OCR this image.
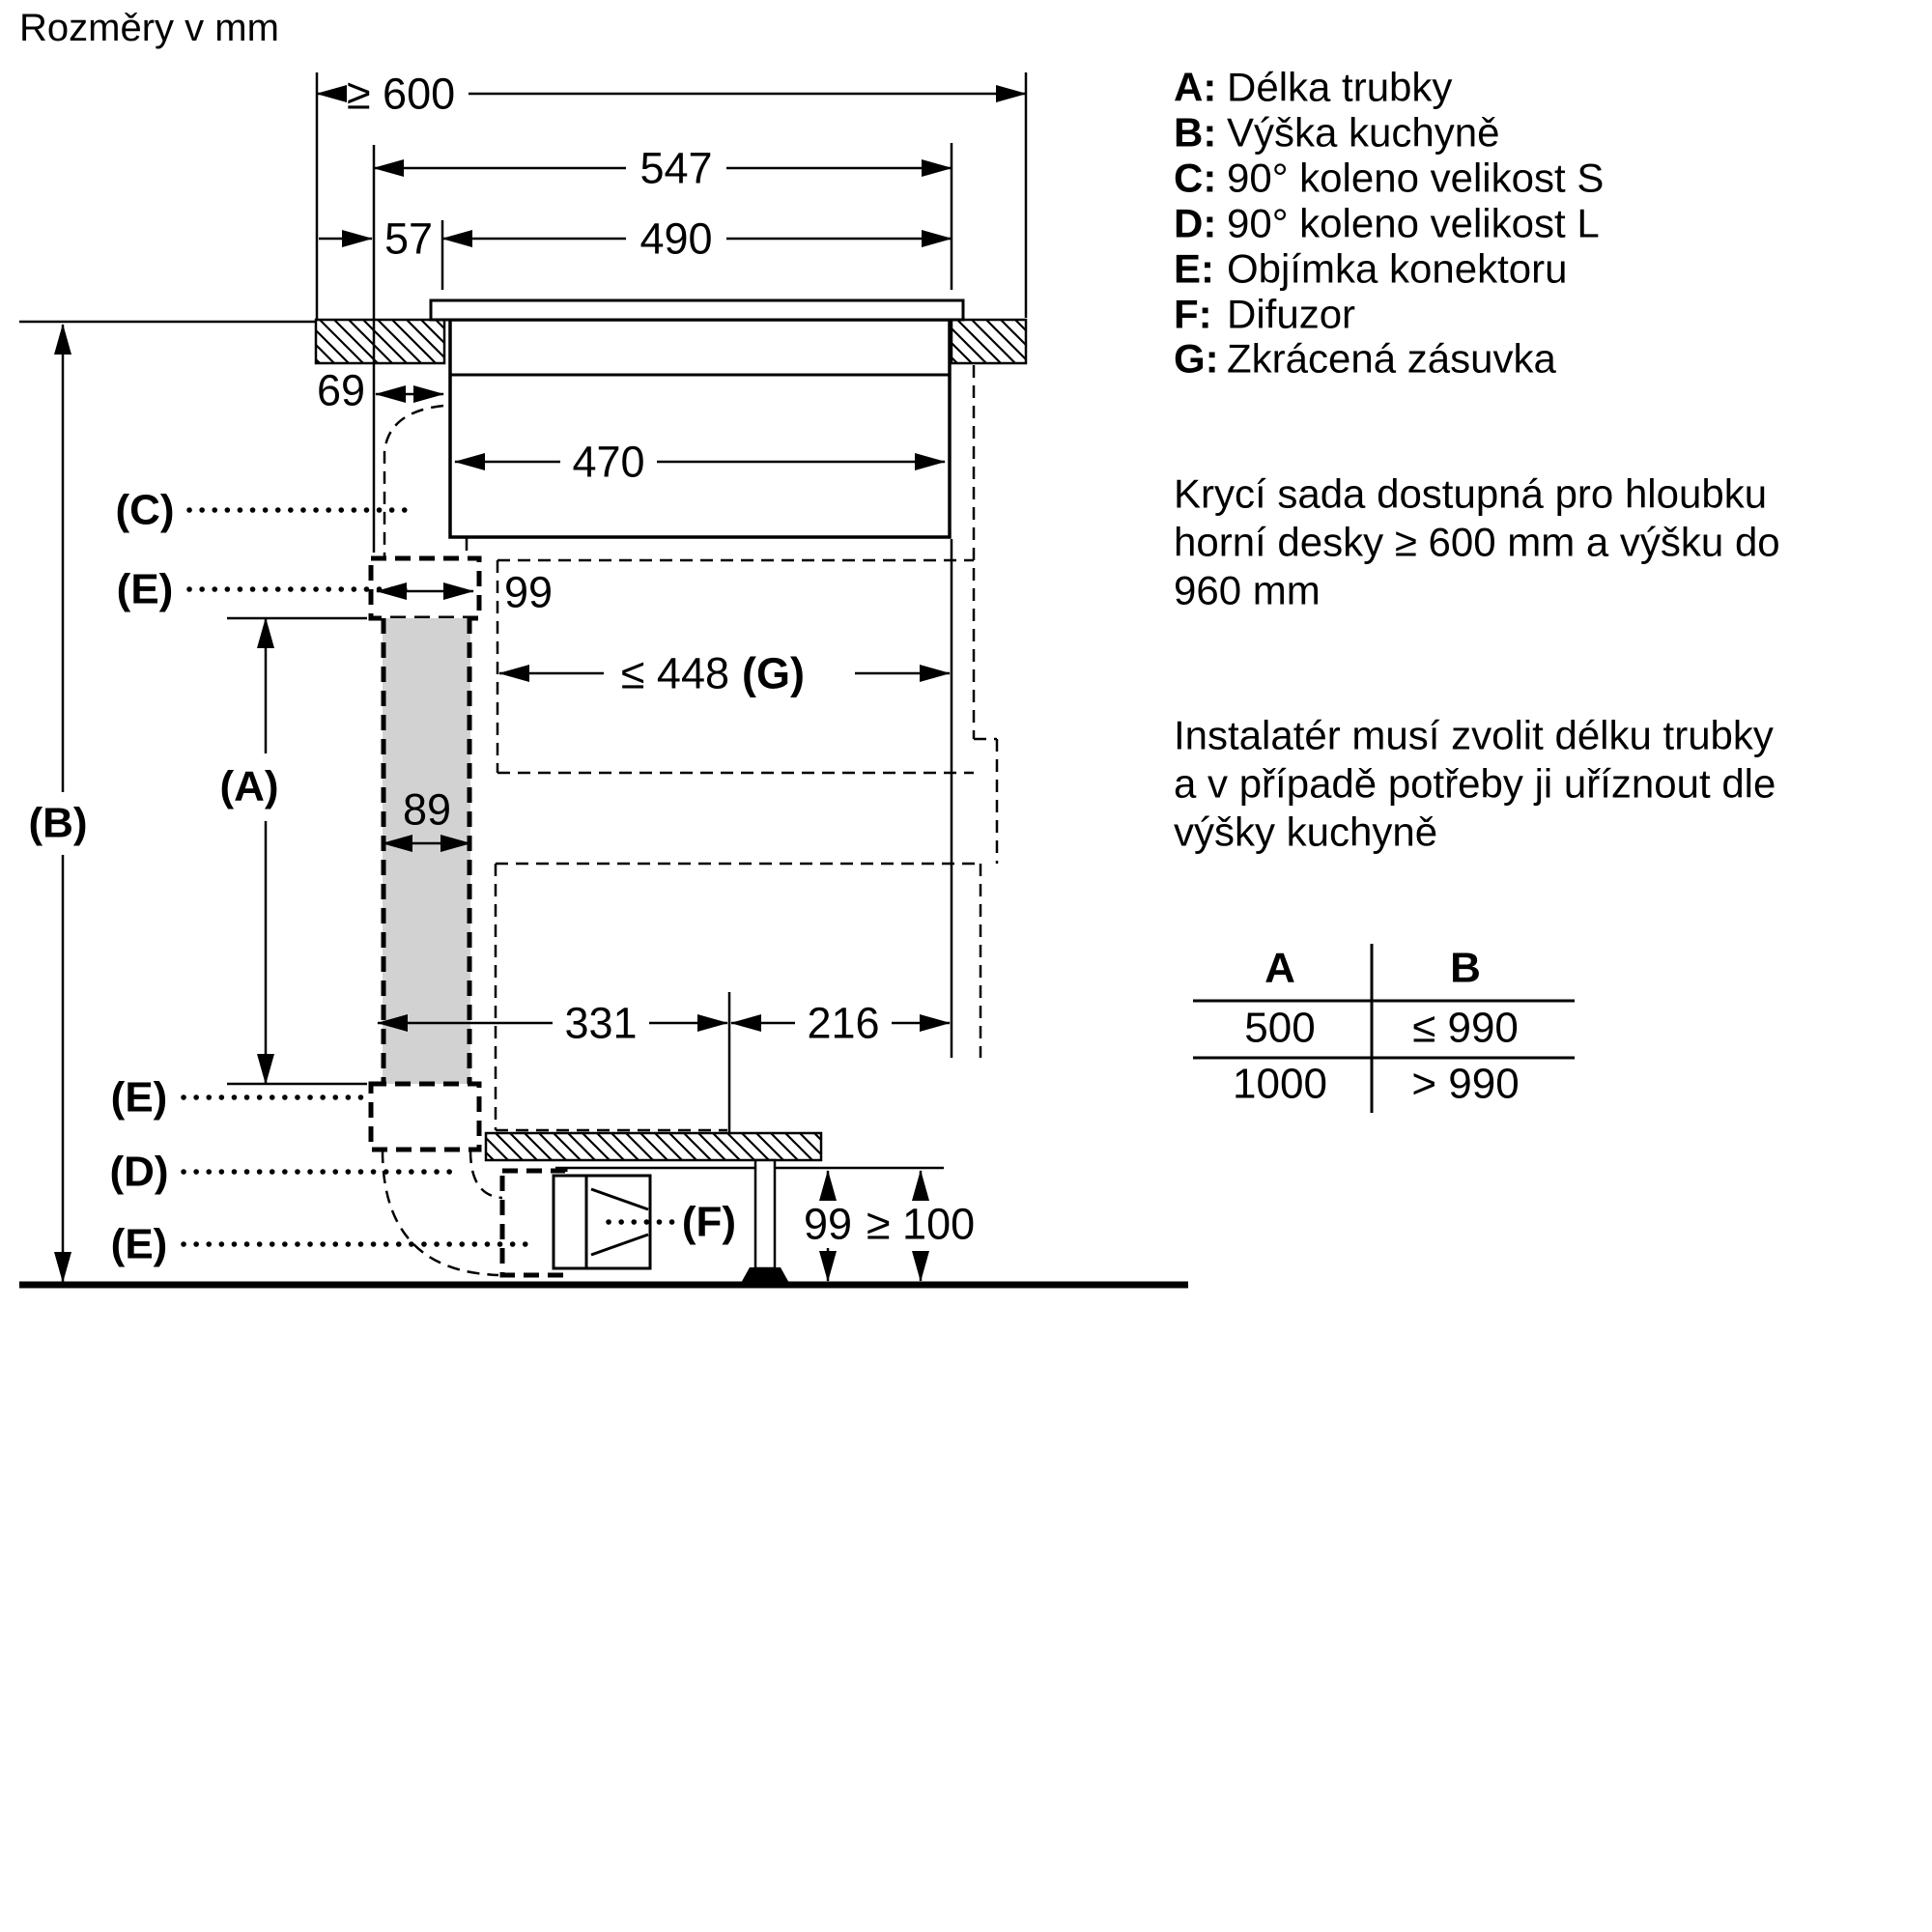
Rozměry v mm
≥ 600
547
57	490
69
470
99
≤ 448 (G)
89
(A)
(B)
331	216
99 ≥ 100
(C)
(E)
(E)
(D)
(E)	(F)
A: Délka trubky
B: Výška kuchyně
C: 90° koleno velikost S
D: 90° koleno velikost L
E: Objímka konektoru
F: Difuzor
G: Zkrácená zásuvka
Krycí sada dostupná pro hloubku
horní desky ≥ 600 mm a výšku do
960 mm
Instalatér musí zvolit délku trubky
a v případě potřeby ji uříznout dle
výšky kuchyně
A	B
500 ≤ 990
1000 > 990
